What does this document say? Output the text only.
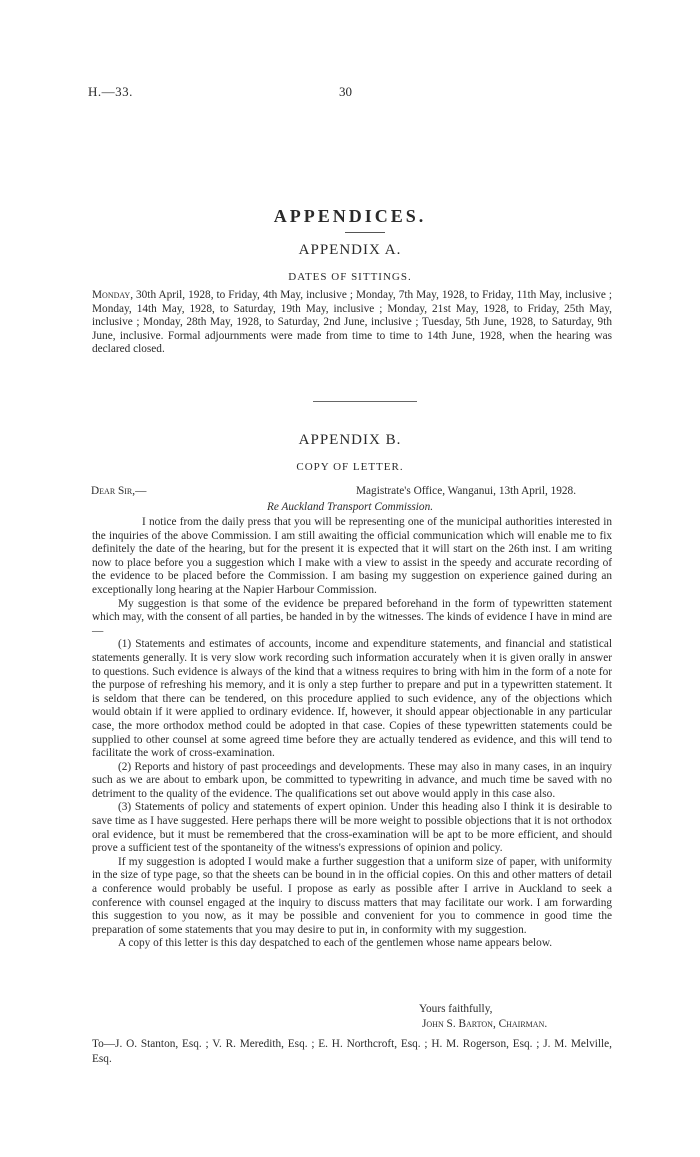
H.—33.	30
APPENDICES.
APPENDIX A.
DATES OF SITTINGS.
Monday, 30th April, 1928, to Friday, 4th May, inclusive ; Monday, 7th May, 1928, to Friday, 11th May, inclusive ; Monday, 14th May, 1928, to Saturday, 19th May, inclusive ; Monday, 21st May, 1928, to Friday, 25th May, inclusive ; Monday, 28th May, 1928, to Saturday, 2nd June, inclusive ; Tuesday, 5th June, 1928, to Saturday, 9th June, inclusive. Formal adjournments were made from time to time to 14th June, 1928, when the hearing was declared closed.
APPENDIX B.
COPY OF LETTER.
Dear Sir,—	Magistrate's Office, Wanganui, 13th April, 1928.
Re Auckland Transport Commission.

I notice from the daily press that you will be representing one of the municipal authorities interested in the inquiries of the above Commission. I am still awaiting the official communication which will enable me to fix definitely the date of the hearing, but for the present it is expected that it will start on the 26th inst. I am writing now to place before you a suggestion which I make with a view to assist in the speedy and accurate recording of the evidence to be placed before the Commission. I am basing my suggestion on experience gained during an exceptionally long hearing at the Napier Harbour Commission.

My suggestion is that some of the evidence be prepared beforehand in the form of typewritten statement which may, with the consent of all parties, be handed in by the witnesses. The kinds of evidence I have in mind are—

(1) Statements and estimates of accounts, income and expenditure statements, and financial and statistical statements generally. It is very slow work recording such information accurately when it is given orally in answer to questions. Such evidence is always of the kind that a witness requires to bring with him in the form of a note for the purpose of refreshing his memory, and it is only a step further to prepare and put in a typewritten statement. It is seldom that there can be tendered, on this procedure applied to such evidence, any of the objections which would obtain if it were applied to ordinary evidence. If, however, it should appear objectionable in any particular case, the more orthodox method could be adopted in that case. Copies of these typewritten statements could be supplied to other counsel at some agreed time before they are actually tendered as evidence, and this will tend to facilitate the work of cross-examination.

(2) Reports and history of past proceedings and developments. These may also in many cases, in an inquiry such as we are about to embark upon, be committed to typewriting in advance, and much time be saved with no detriment to the quality of the evidence. The qualifications set out above would apply in this case also.

(3) Statements of policy and statements of expert opinion. Under this heading also I think it is desirable to save time as I have suggested. Here perhaps there will be more weight to possible objections that it is not orthodox oral evidence, but it must be remembered that the cross-examination will be apt to be more efficient, and should prove a sufficient test of the spontaneity of the witness's expressions of opinion and policy.

If my suggestion is adopted I would make a further suggestion that a uniform size of paper, with uniformity in the size of type page, so that the sheets can be bound in in the official copies. On this and other matters of detail a conference would probably be useful. I propose as early as possible after I arrive in Auckland to seek a conference with counsel engaged at the inquiry to discuss matters that may facilitate our work. I am forwarding this suggestion to you now, as it may be possible and convenient for you to commence in good time the preparation of some statements that you may desire to put in, in conformity with my suggestion.

A copy of this letter is this day despatched to each of the gentlemen whose name appears below.

Yours faithfully,
John S. Barton, Chairman.
To—J. O. Stanton, Esq. ; V. R. Meredith, Esq. ; E. H. Northcroft, Esq. ; H. M. Rogerson, Esq. ; J. M. Melville, Esq.
